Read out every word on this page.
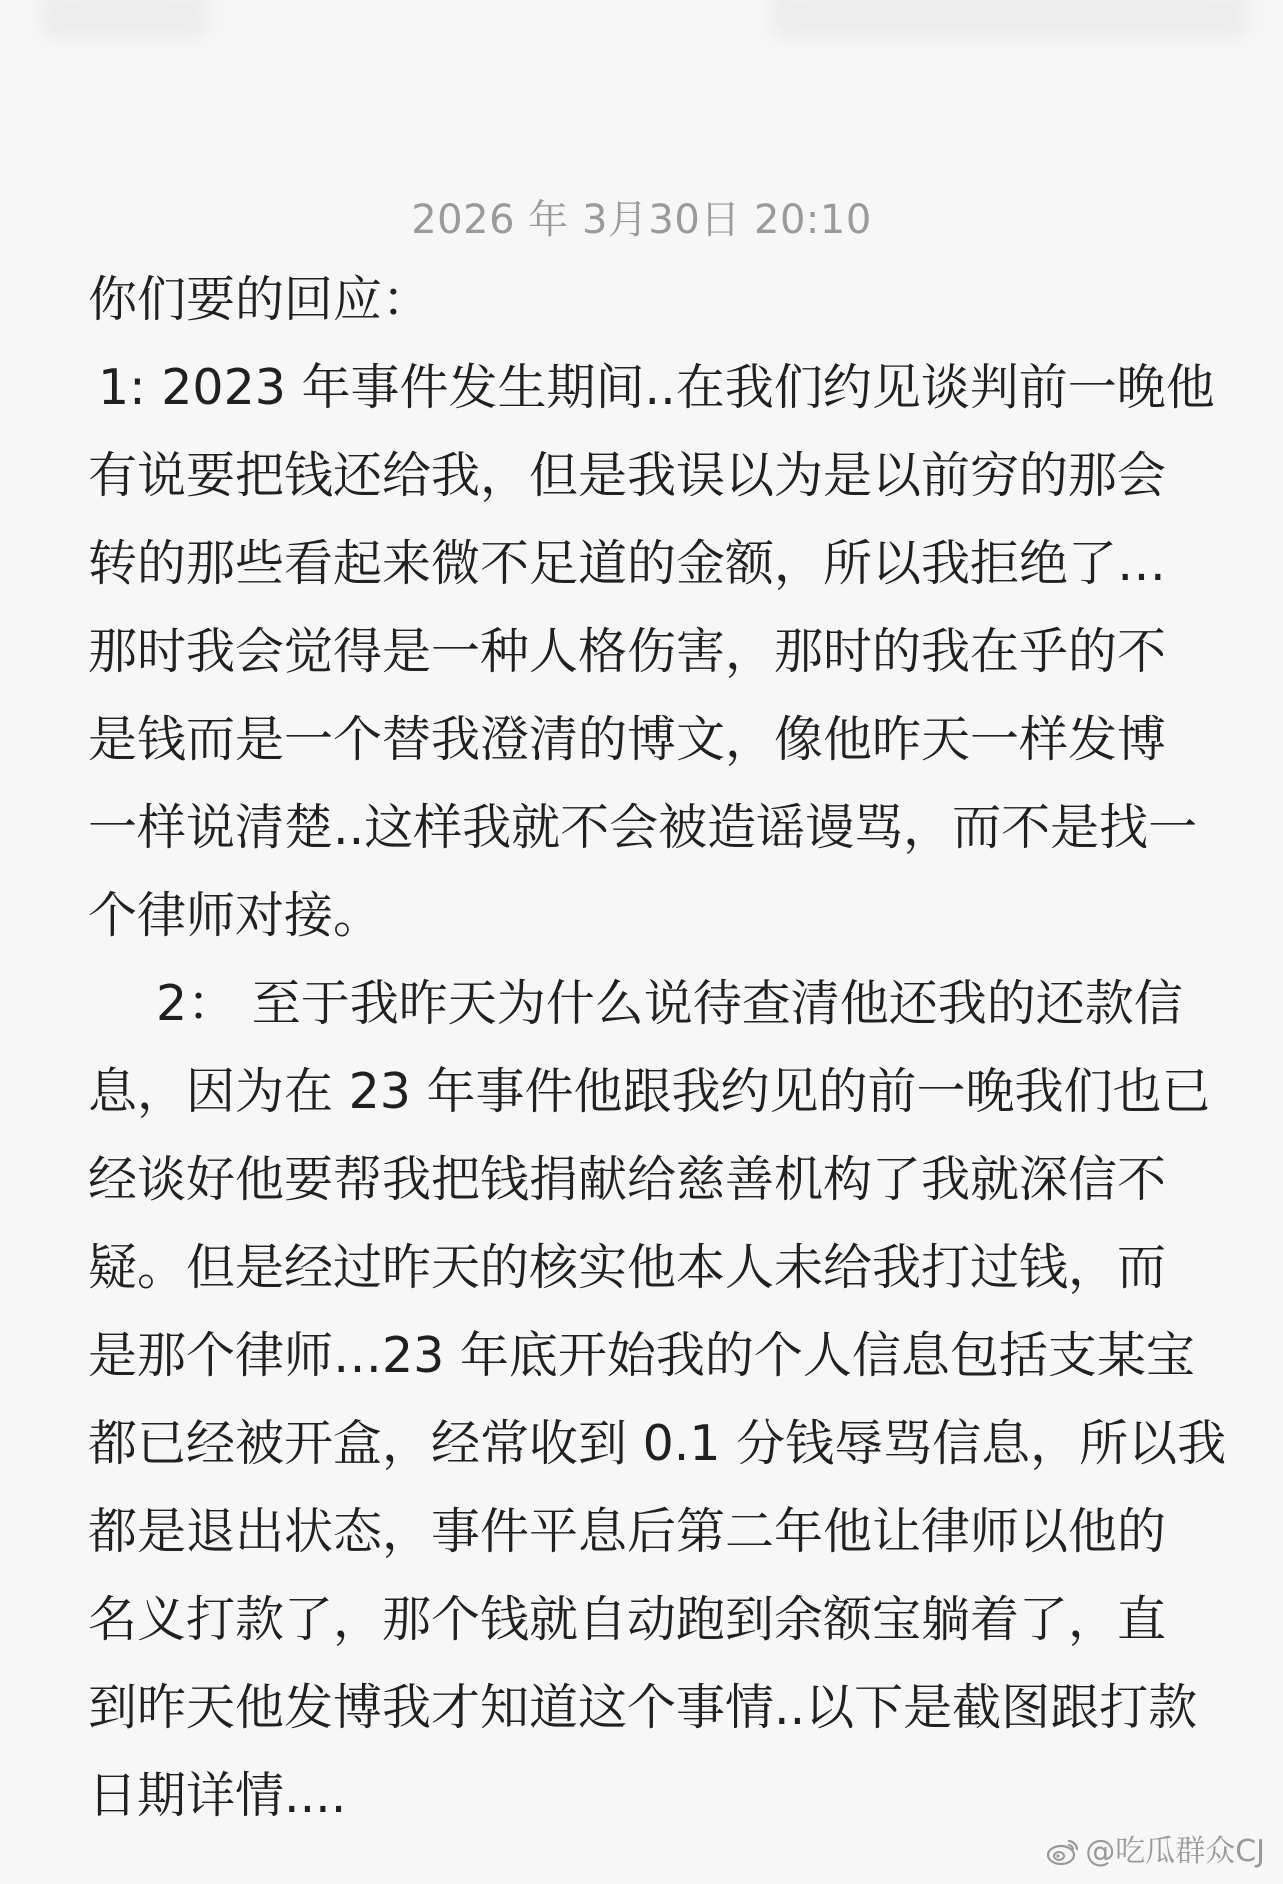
2026 年 3月30日 20:10
你们要的回应：
1: 2023 年事件发生期间..在我们约见谈判前一晚他
有说要把钱还给我，但是我误以为是以前穷的那会
转的那些看起来微不足道的金额，所以我拒绝了…
那时我会觉得是一种人格伤害，那时的我在乎的不
是钱而是一个替我澄清的博文，像他昨天一样发博
一样说清楚..这样我就不会被造谣谩骂，而不是找一
个律师对接。
2： 至于我昨天为什么说待查清他还我的还款信
息，因为在 23 年事件他跟我约见的前一晚我们也已
经谈好他要帮我把钱捐献给慈善机构了我就深信不
疑。但是经过昨天的核实他本人未给我打过钱，而
是那个律师…23 年底开始我的个人信息包括支某宝
都已经被开盒，经常收到 0.1 分钱辱骂信息，所以我
都是退出状态，事件平息后第二年他让律师以他的
名义打款了，那个钱就自动跑到余额宝躺着了，直
到昨天他发博我才知道这个事情..以下是截图跟打款
日期详情....
@吃瓜群众CJ
